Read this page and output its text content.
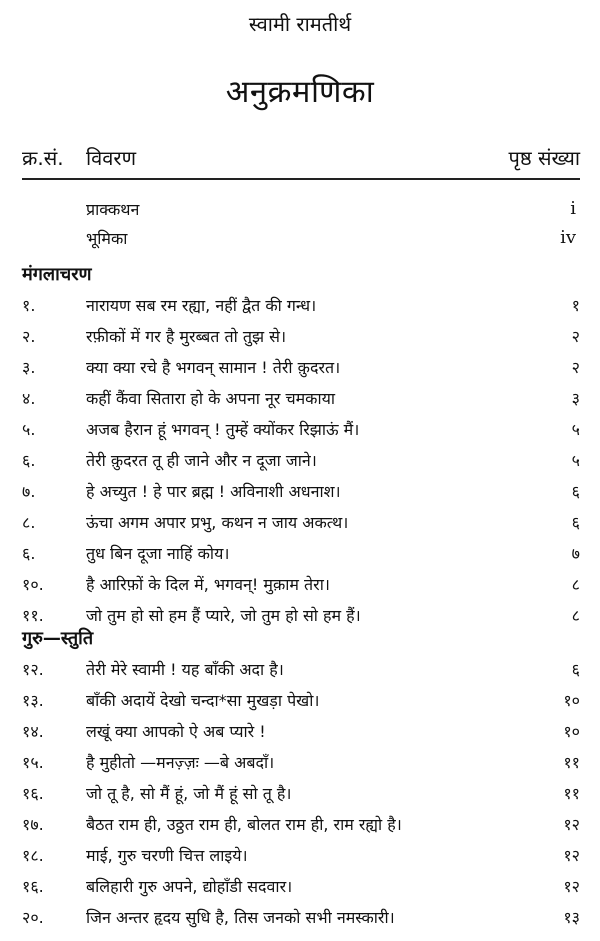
स्वामी रामतीर्थ
अनुक्रमणिका
क्र.सं. विवरण	पृष्ठ संख्या
प्राक्कथन	i
भूमिका	iv
मंगलाचरण
१.	नारायण सब रम रह्या, नहीं द्वैत की गन्ध।	१
२.	रफ़ीकों में गर है मुरब्बत तो तुझ से।	२
३.	क्या क्या रचे है भगवन् सामान ! तेरी क़ुदरत।	२
४.	कहीं कैंवा सितारा हो के अपना नूर चमकाया	३
५.	अजब हैरान हूं भगवन् ! तुम्हें क्योंकर रिझाऊं मैं।	५
६.	तेरी क़ुदरत तू ही जाने और न दूजा जाने।	५
७.	हे अच्युत ! हे पार ब्रह्म ! अविनाशी अधनाश।	६
८.	ऊंचा अगम अपार प्रभु, कथन न जाय अकत्थ।	६
६.	तुध बिन दूजा नाहिं कोय।	७
१०.	है आरिफ़ों के दिल में, भगवन्! मुक़ाम तेरा।	८
११.	जो तुम हो सो हम हैं प्यारे, जो तुम हो सो हम हैं।	८
गुरु—स्तुति
१२.	तेरी मेरे स्वामी ! यह बाँकी अदा है।	६
१३.	बाँकी अदायें देखो चन्दा*सा मुखड़ा पेखो।	१०
१४.	लखूं क्या आपको ऐ अब प्यारे !	१०
१५.	है मुहीतो —मनज़्ज़ः —बे अबदाँ।	११
१६.	जो तू है, सो मैं हूं, जो मैं हूं सो तू है।	११
१७.	बैठत राम ही, उठ्ठत राम ही, बोलत राम ही, राम रह्यो है।	१२
१८.	माई, गुरु चरणी चित्त लाइये।	१२
१६.	बलिहारी गुरु अपने, द्योहाँडी सदवार।	१२
२०.	जिन अन्तर हृदय सुधि है, तिस जनको सभी नमस्कारी।	१३
